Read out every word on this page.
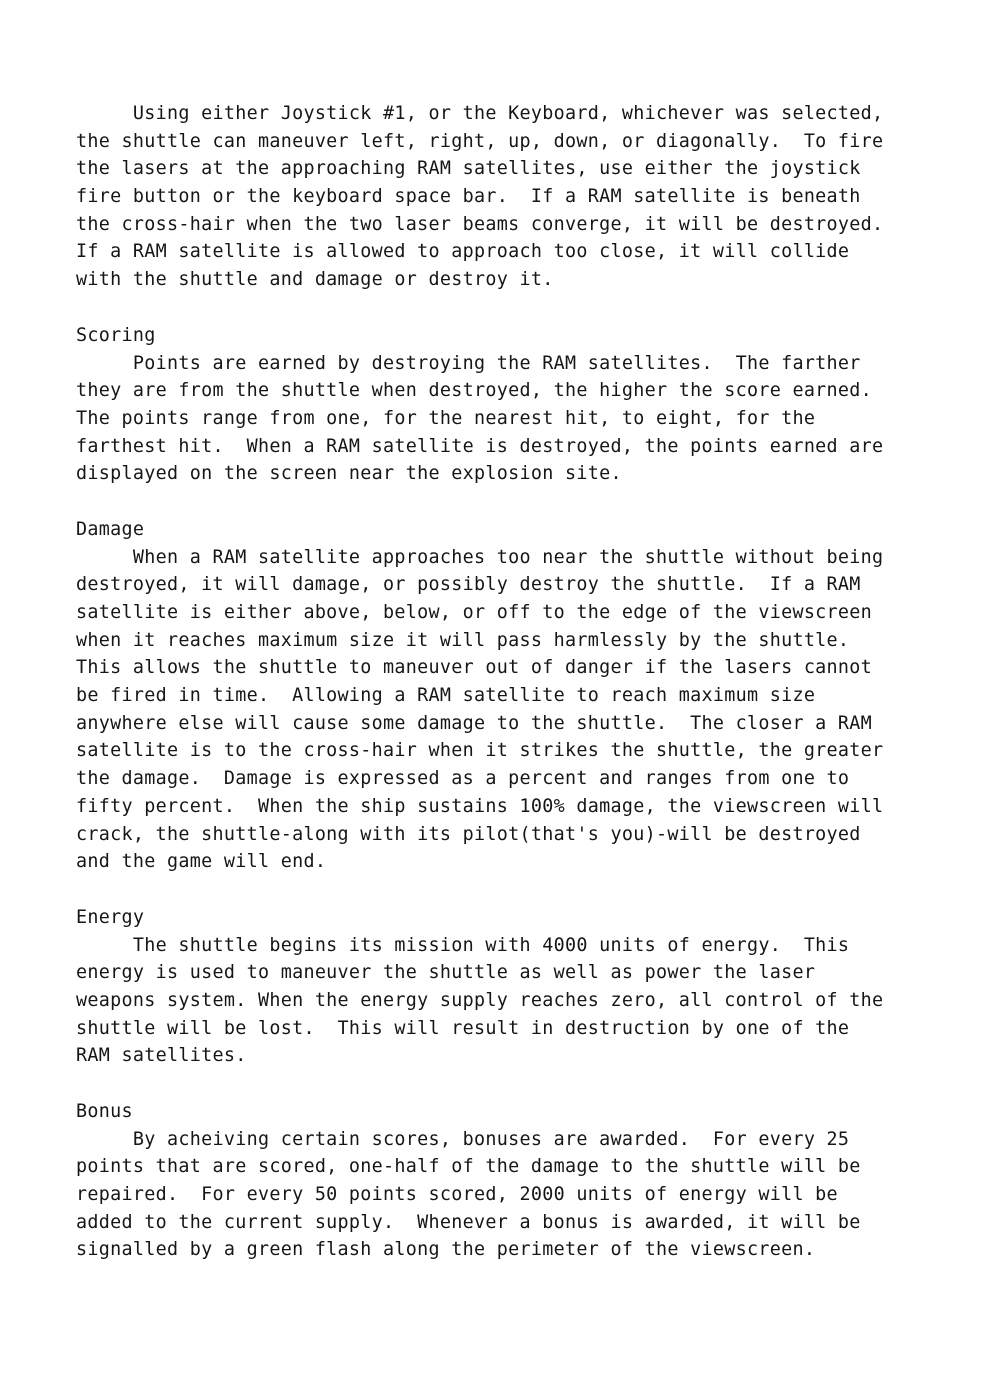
Using either Joystick #1, or the Keyboard, whichever was selected,
the shuttle can maneuver left, right, up, down, or diagonally.  To fire
the lasers at the approaching RAM satellites, use either the joystick
fire button or the keyboard space bar.  If a RAM satellite is beneath
the cross-hair when the two laser beams converge, it will be destroyed.
If a RAM satellite is allowed to approach too close, it will collide
with the shuttle and damage or destroy it.
Scoring
Points are earned by destroying the RAM satellites.  The farther
they are from the shuttle when destroyed, the higher the score earned.
The points range from one, for the nearest hit, to eight, for the
farthest hit.  When a RAM satellite is destroyed, the points earned are
displayed on the screen near the explosion site.
Damage
When a RAM satellite approaches too near the shuttle without being
destroyed, it will damage, or possibly destroy the shuttle.  If a RAM
satellite is either above, below, or off to the edge of the viewscreen
when it reaches maximum size it will pass harmlessly by the shuttle.
This allows the shuttle to maneuver out of danger if the lasers cannot
be fired in time.  Allowing a RAM satellite to reach maximum size
anywhere else will cause some damage to the shuttle.  The closer a RAM
satellite is to the cross-hair when it strikes the shuttle, the greater
the damage.  Damage is expressed as a percent and ranges from one to
fifty percent.  When the ship sustains 100% damage, the viewscreen will
crack, the shuttle-along with its pilot(that's you)-will be destroyed
and the game will end.
Energy
The shuttle begins its mission with 4000 units of energy.  This
energy is used to maneuver the shuttle as well as power the laser
weapons system. When the energy supply reaches zero, all control of the
shuttle will be lost.  This will result in destruction by one of the
RAM satellites.
Bonus
By acheiving certain scores, bonuses are awarded.  For every 25
points that are scored, one-half of the damage to the shuttle will be
repaired.  For every 50 points scored, 2000 units of energy will be
added to the current supply.  Whenever a bonus is awarded, it will be
signalled by a green flash along the perimeter of the viewscreen.
